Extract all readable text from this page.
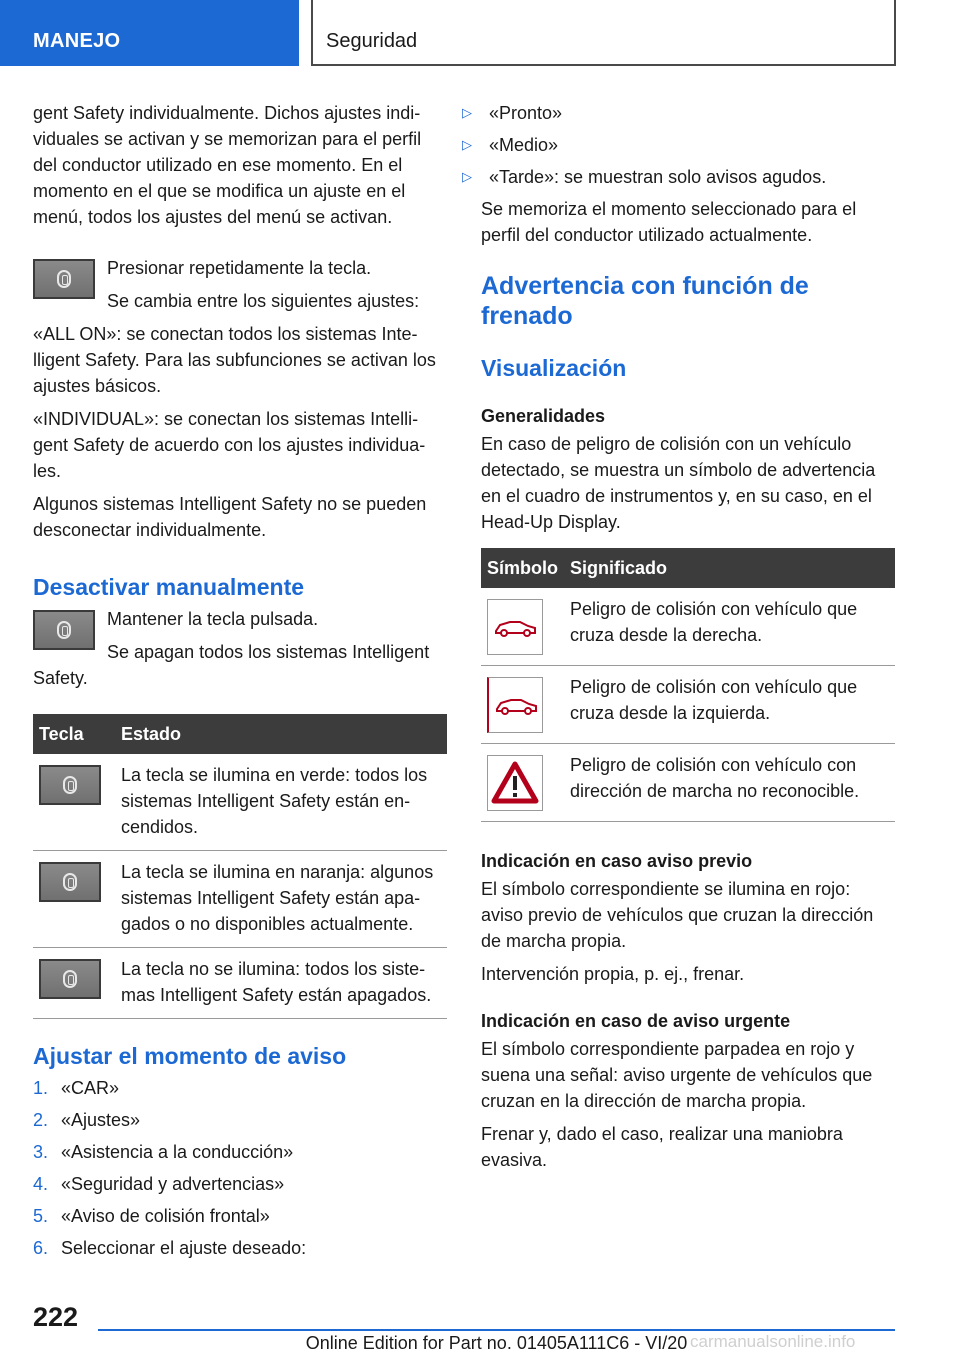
MANEJO	Seguridad

gent Safety individualmente. Dichos ajustes individuales se activan y se memorizan para el perfil del conductor utilizado en ese momento. En el momento en el que se modifica un ajuste en el menú, todos los ajustes del menú se activan.

Presionar repetidamente la tecla.

Se cambia entre los siguientes ajustes:

«ALL ON»: se conectan todos los sistemas Intelligent Safety. Para las subfunciones se activan los ajustes básicos.

«INDIVIDUAL»: se conectan los sistemas Intelligent Safety de acuerdo con los ajustes individuales.

Algunos sistemas Intelligent Safety no se pueden desconectar individualmente.

Desactivar manualmente

Mantener la tecla pulsada.

Se apagan todos los sistemas Intelligent Safety.

Tecla	Estado

	La tecla se ilumina en verde: todos los sistemas Intelligent Safety están encendidos.

	La tecla se ilumina en naranja: algunos sistemas Intelligent Safety están apagados o no disponibles actualmente.

	La tecla no se ilumina: todos los sistemas Intelligent Safety están apagados.
Ajustar el momento de aviso
1. «CAR»
2. «Ajustes»
3. «Asistencia a la conducción»
4. «Seguridad y advertencias»
5. «Aviso de colisión frontal»
6. Seleccionar el ajuste deseado:
▷ «Pronto»
▷ «Medio»
▷ «Tarde»: se muestran solo avisos agudos.

Se memoriza el momento seleccionado para el perfil del conductor utilizado actualmente.

Advertencia con función de frenado
Visualización
Generalidades

En caso de peligro de colisión con un vehículo detectado, se muestra un símbolo de advertencia en el cuadro de instrumentos y, en su caso, en el Head-Up Display.

Símbolo	Significado

	Peligro de colisión con vehículo que cruza desde la derecha.

	Peligro de colisión con vehículo que cruza desde la izquierda.

	Peligro de colisión con vehículo con dirección de marcha no reconocible.
Indicación en caso aviso previo

El símbolo correspondiente se ilumina en rojo: aviso previo de vehículos que cruzan la dirección de marcha propia.

Intervención propia, p. ej., frenar.

Indicación en caso de aviso urgente

El símbolo correspondiente parpadea en rojo y suena una señal: aviso urgente de vehículos que cruzan en la dirección de marcha propia.

Frenar y, dado el caso, realizar una maniobra evasiva.

222
Online Edition for Part no. 01405A111C6 - VI/20 carmanualsonline.info
